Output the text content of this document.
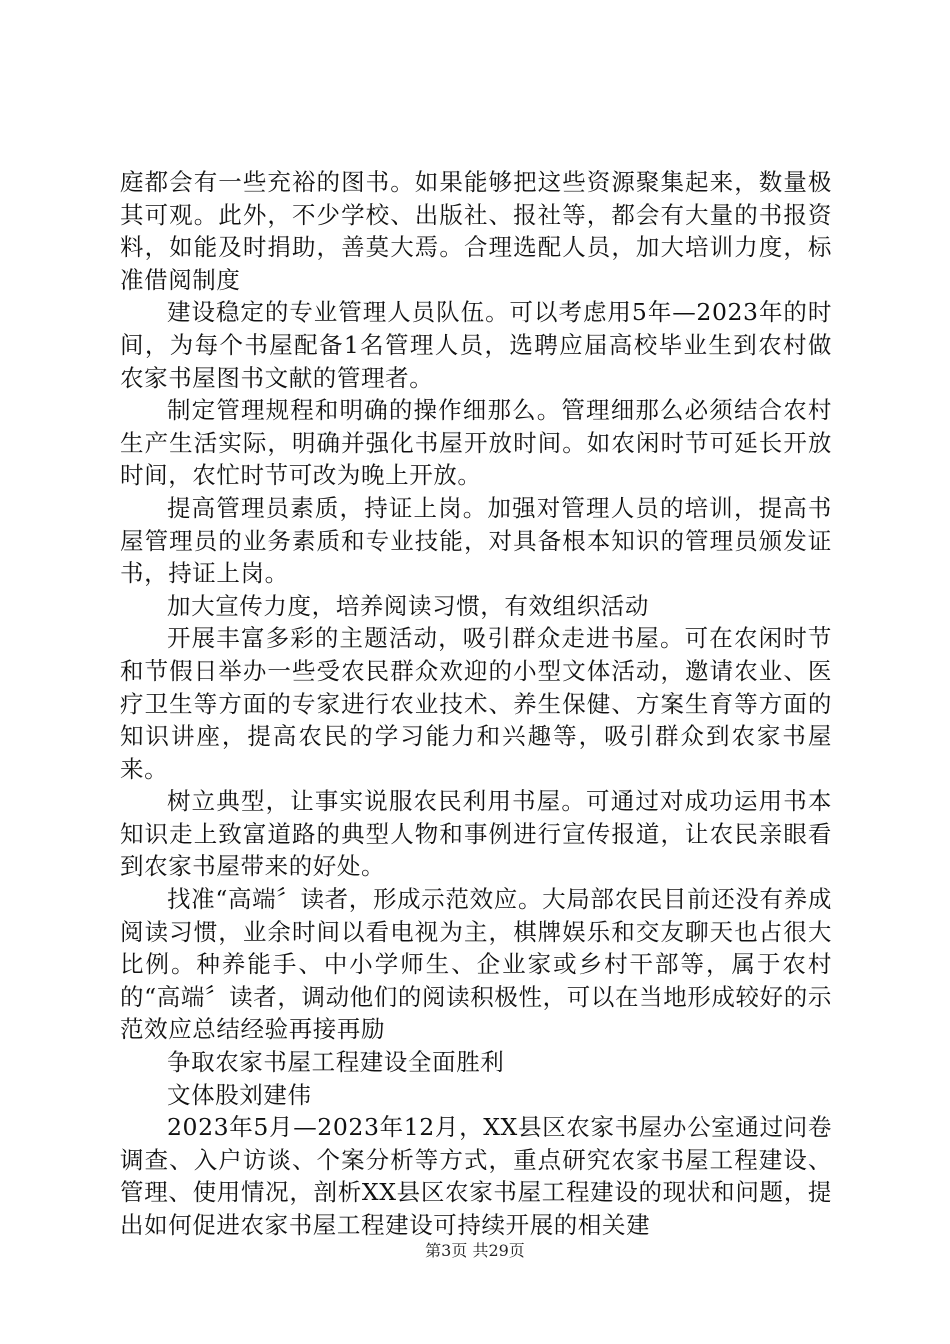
庭都会有一些充裕的图书。如果能够把这些资源聚集起来，数量极其可观。此外，不少学校、出版社、报社等，都会有大量的书报资料，如能及时捐助，善莫大焉。合理选配人员，加大培训力度，标准借阅制度

建设稳定的专业管理人员队伍。可以考虑用5年—2023年的时间，为每个书屋配备1名管理人员，选聘应届高校毕业生到农村做农家书屋图书文献的管理者。

制定管理规程和明确的操作细那么。管理细那么必须结合农村生产生活实际，明确并强化书屋开放时间。如农闲时节可延长开放时间，农忙时节可改为晚上开放。

提高管理员素质，持证上岗。加强对管理人员的培训，提高书屋管理员的业务素质和专业技能，对具备根本知识的管理员颁发证书，持证上岗。

加大宣传力度，培养阅读习惯，有效组织活动

开展丰富多彩的主题活动，吸引群众走进书屋。可在农闲时节和节假日举办一些受农民群众欢迎的小型文体活动，邀请农业、医疗卫生等方面的专家进行农业技术、养生保健、方案生育等方面的知识讲座，提高农民的学习能力和兴趣等，吸引群众到农家书屋来。

树立典型，让事实说服农民利用书屋。可通过对成功运用书本知识走上致富道路的典型人物和事例进行宣传报道，让农民亲眼看到农家书屋带来的好处。

找准“高端〞读者，形成示范效应。大局部农民目前还没有养成阅读习惯，业余时间以看电视为主，棋牌娱乐和交友聊天也占很大比例。种养能手、中小学师生、企业家或乡村干部等，属于农村的“高端〞读者，调动他们的阅读积极性，可以在当地形成较好的示范效应总结经验再接再励

争取农家书屋工程建设全面胜利

文体股刘建伟

2023年5月—2023年12月，XX县区农家书屋办公室通过问卷调查、入户访谈、个案分析等方式，重点研究农家书屋工程建设、管理、使用情况，剖析XX县区农家书屋工程建设的现状和问题，提出如何促进农家书屋工程建设可持续开展的相关建

第3页 共29页
